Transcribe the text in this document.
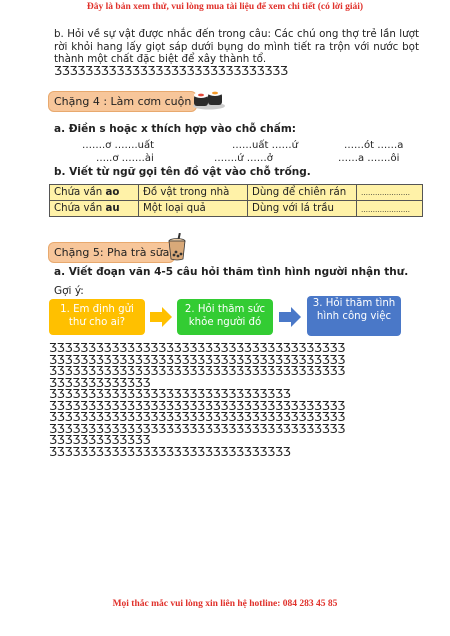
Đây là bản xem thử, vui lòng mua tài liệu để xem chi tiết (có lời giải)
b. Hỏi về sự vật được nhắc đến trong câu: Các chú ong thợ trẻ lần lượt rời khỏi hang lấy giọt sáp dưới bụng do mình tiết ra trộn với nước bọt thành một chất đặc biệt để xây thành tổ.
ƷƷƷƷƷƷƷƷƷƷƷƷƷƷƷƷƷƷƷƷƷƷƷƷƷƷƷƷƷƷ
Chặng 4 : Làm cơm cuộn
a. Điền s hoặc x thích hợp vào chỗ chấm:
…….ơ …….uất	……uất ……ứ	……ót ……a
…..ơ …….ài	…….ứ ……ở	……a …….ôi
b. Viết từ ngữ gọi tên đồ vật vào chỗ trống.
Chứa vần ao	Đồ vật trong nhà	Dùng để chiên rán	…………………
Chứa vần au	Một loại quả	Dùng với lá trầu	…………………
Chặng 5: Pha trà sữa
a. Viết đoạn văn 4-5 câu hỏi thăm tình hình người nhận thư.
Gợi ý:
1. Em định gửi thư cho ai?
2. Hỏi thăm sức khỏe người đó
3. Hỏi thăm tình hình công việc
ƷƷƷƷƷƷƷƷƷƷƷƷƷƷƷƷƷƷƷƷƷƷƷƷƷƷƷƷƷƷƷƷƷƷƷƷƷƷ
ƷƷƷƷƷƷƷƷƷƷƷƷƷƷƷƷƷƷƷƷƷƷƷƷƷƷƷƷƷƷƷƷƷƷƷƷƷƷ
ƷƷƷƷƷƷƷƷƷƷƷƷƷƷƷƷƷƷƷƷƷƷƷƷƷƷƷƷƷƷƷƷƷƷƷƷƷƷ
ƷƷƷƷƷƷƷƷƷƷƷƷƷ
ƷƷƷƷƷƷƷƷƷƷƷƷƷƷƷƷƷƷƷƷƷƷƷƷƷƷƷƷƷƷƷ
ƷƷƷƷƷƷƷƷƷƷƷƷƷƷƷƷƷƷƷƷƷƷƷƷƷƷƷƷƷƷƷƷƷƷƷƷƷƷ
ƷƷƷƷƷƷƷƷƷƷƷƷƷƷƷƷƷƷƷƷƷƷƷƷƷƷƷƷƷƷƷƷƷƷƷƷƷƷ
ƷƷƷƷƷƷƷƷƷƷƷƷƷƷƷƷƷƷƷƷƷƷƷƷƷƷƷƷƷƷƷƷƷƷƷƷƷƷ
ƷƷƷƷƷƷƷƷƷƷƷƷƷ
ƷƷƷƷƷƷƷƷƷƷƷƷƷƷƷƷƷƷƷƷƷƷƷƷƷƷƷƷƷƷƷ
Mọi thắc mắc vui lòng xin liên hệ hotline: 084 283 45 85
